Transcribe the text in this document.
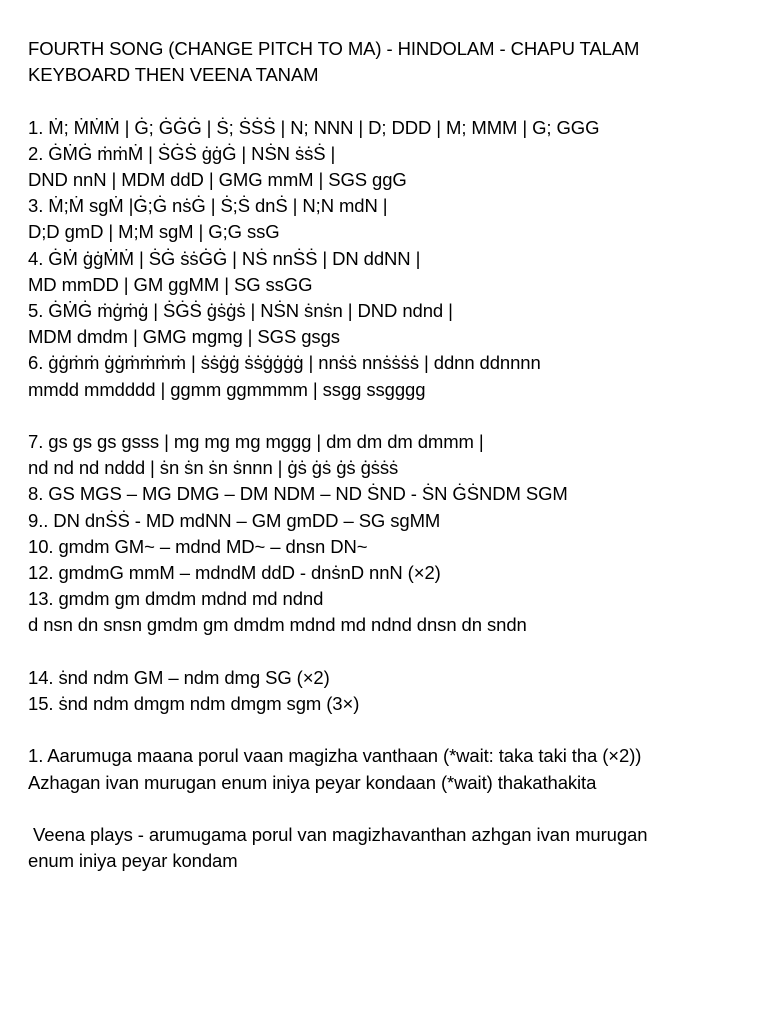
FOURTH SONG (CHANGE PITCH TO MA) - HINDOLAM - CHAPU TALAM
KEYBOARD THEN VEENA TANAM
1. Ṁ; ṀṀṀ | Ġ; ĠĠĠ | Ṡ; ṠṠṠ | N; NNN | D; DDD | M; MMM | G; GGG
2. ĠṀĠ ṁṁṀ | ṠĠṠ ġġĠ | NṠN ṡṡṠ |
DND nnN | MDM ddD | GMG mmM | SGS ggG
3. Ṁ;Ṁ sgṀ |Ġ;Ġ nṡĠ | Ṡ;Ṡ dnṠ | N;N mdN |
D;D gmD | M;M sgM | G;G ssG
4. ĠṀ ġġṀṀ | ṠĠ ṡṡĠĠ | NṠ nnṠṠ | DN ddNN |
MD mmDD | GM ggMM | SG ssGG
5. ĠṀĠ ṁġṁġ | ṠĠṠ ġṡġṡ | NṠN ṡnṡn | DND ndnd |
MDM dmdm | GMG mgmg | SGS gsgs
6. ġġṁṁ ġġṁṁṁṁ | ṡṡġġ ṡṡġġġġ | nnṡṡ nnṡṡṡṡ | ddnn ddnnnn
mmdd mmdddd | ggmm ggmmmm | ssgg ssgggg
7. gs gs gs gsss | mg mg mg mggg | dm dm dm dmmm |
nd nd nd nddd | ṡn ṡn ṡn ṡnnn | ġṡ ġṡ ġṡ ġṡṡṡ
8. GS MGS – MG DMG – DM NDM – ND ṠND - ṠN ĠṠNDM SGM
9.. DN dnṠṠ - MD mdNN – GM gmDD – SG sgMM
10. gmdm GM~ – mdnd MD~ – dnsn DN~
12. gmdmG mmM – mdndM ddD - dnṡnD nnN (×2)
13. gmdm gm dmdm mdnd md ndnd
d nsn dn snsn gmdm gm dmdm mdnd md ndnd dnsn dn sndn
14. ṡnd ndm GM – ndm dmg SG (×2)
15. ṡnd ndm dmgm ndm dmgm sgm (3×)
1. Aarumuga maana porul vaan magizha vanthaan (*wait: taka taki tha (×2))
Azhagan ivan murugan enum iniya peyar kondaan (*wait) thakathakita
Veena plays - arumugama porul van magizhavanthan azhgan ivan murugan
enum iniya peyar kondam
